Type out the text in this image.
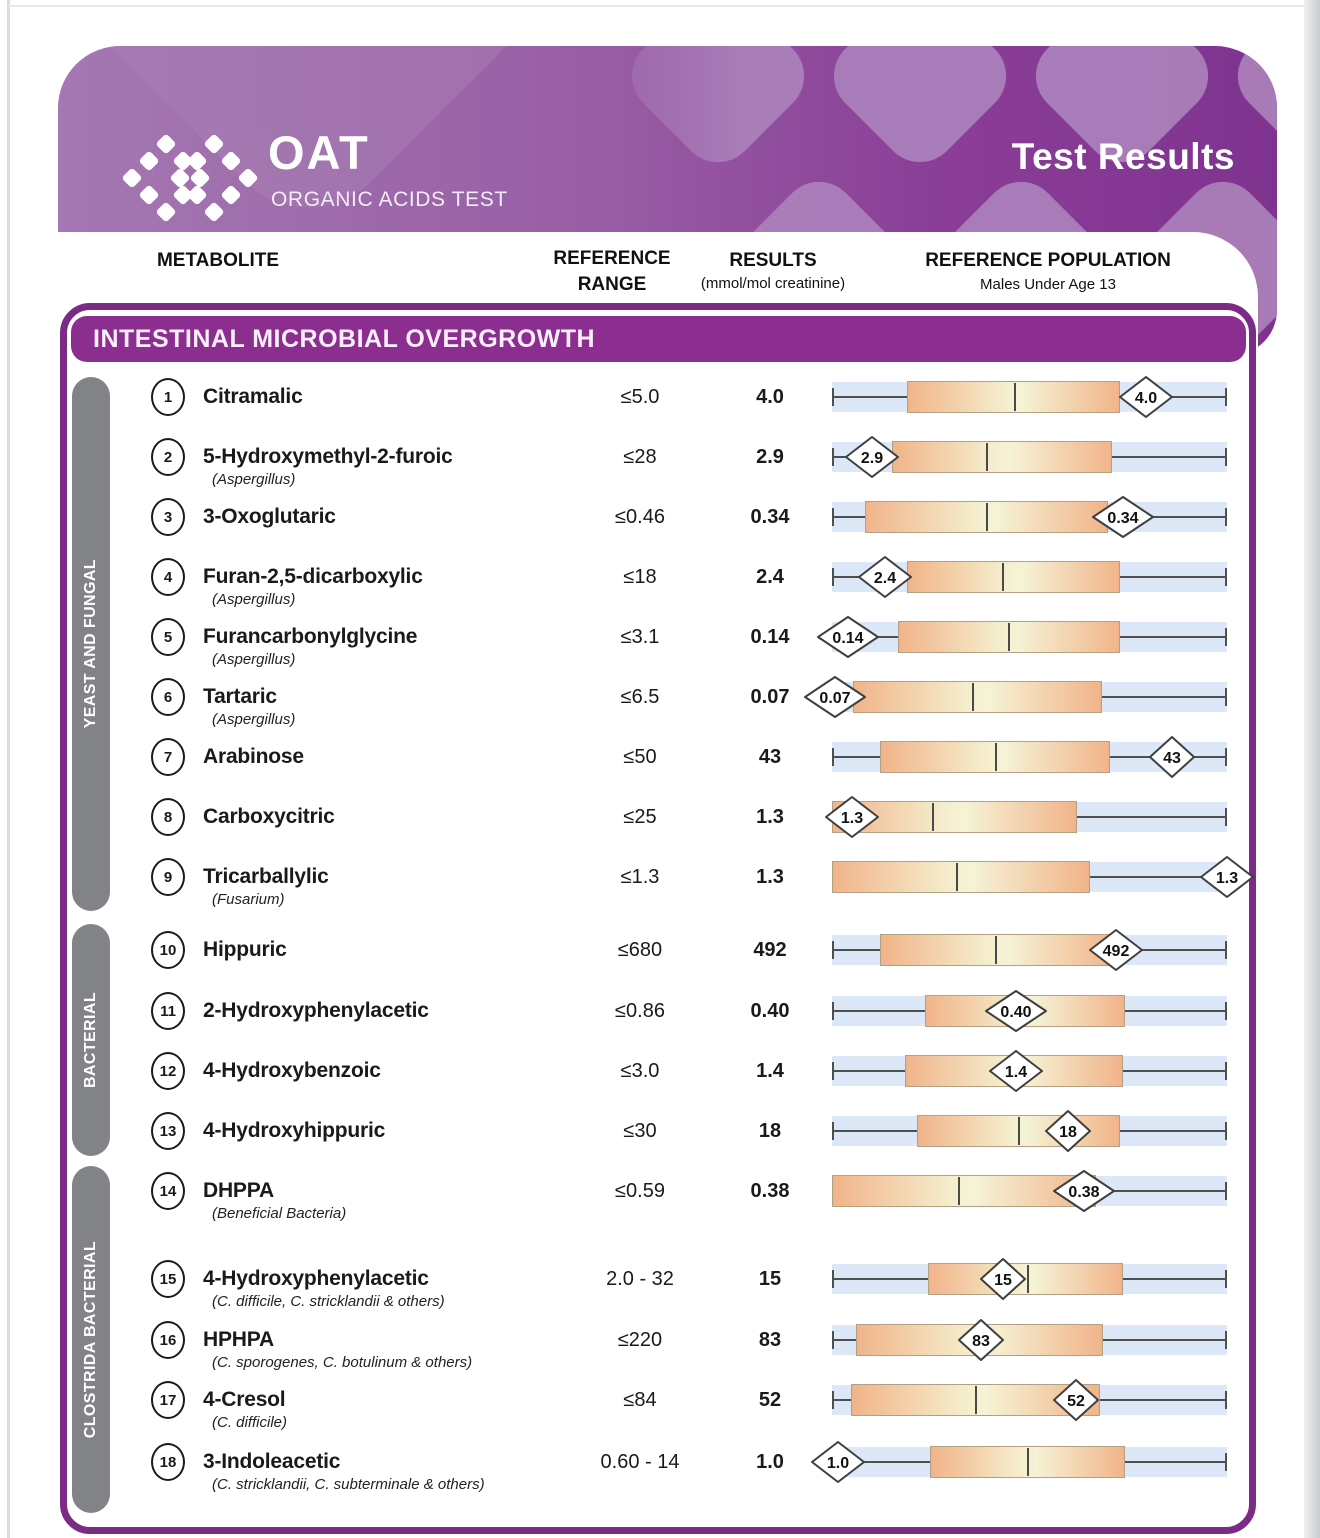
OAT
ORGANIC ACIDS TEST
Test Results
METABOLITE	REFERENCE
RANGE
RESULTS
(mmol/mol creatinine)
REFERENCE POPULATION
Males Under Age 13
INTESTINAL MICROBIAL OVERGROWTH
YEAST AND FUNGAL
BACTERIAL
CLOSTRIDA BACTERIAL
1	Citramalic	≤5.0	4.0	4.0
2	5-Hydroxymethyl-2-furoic
(Aspergillus)
≤28	2.9	2.9
3	3-Oxoglutaric	≤0.46	0.34	0.34
4	Furan-2,5-dicarboxylic
(Aspergillus)
≤18	2.4	2.4
5	Furancarbonylglycine
(Aspergillus)
≤3.1	0.14	0.14
6	Tartaric
(Aspergillus)
≤6.5	0.07	0.07
7	Arabinose	≤50	43	43
8	Carboxycitric	≤25	1.3	1.3
9	Tricarballylic
(Fusarium)
≤1.3	1.3	1.3
10	Hippuric	≤680	492	492
11	2-Hydroxyphenylacetic	≤0.86	0.40	0.40
12	4-Hydroxybenzoic	≤3.0	1.4	1.4
13	4-Hydroxyhippuric	≤30	18	18
14	DHPPA
(Beneficial Bacteria)
≤0.59	0.38	0.38
15	4-Hydroxyphenylacetic
(C. difficile, C. stricklandii & others)
2.0 - 32	15	15
16	HPHPA
(C. sporogenes, C. botulinum & others)
≤220	83	83
17	4-Cresol
(C. difficile)
≤84	52	52
18	3-Indoleacetic
(C. stricklandii, C. subterminale & others)
0.60 - 14	1.0	1.0
